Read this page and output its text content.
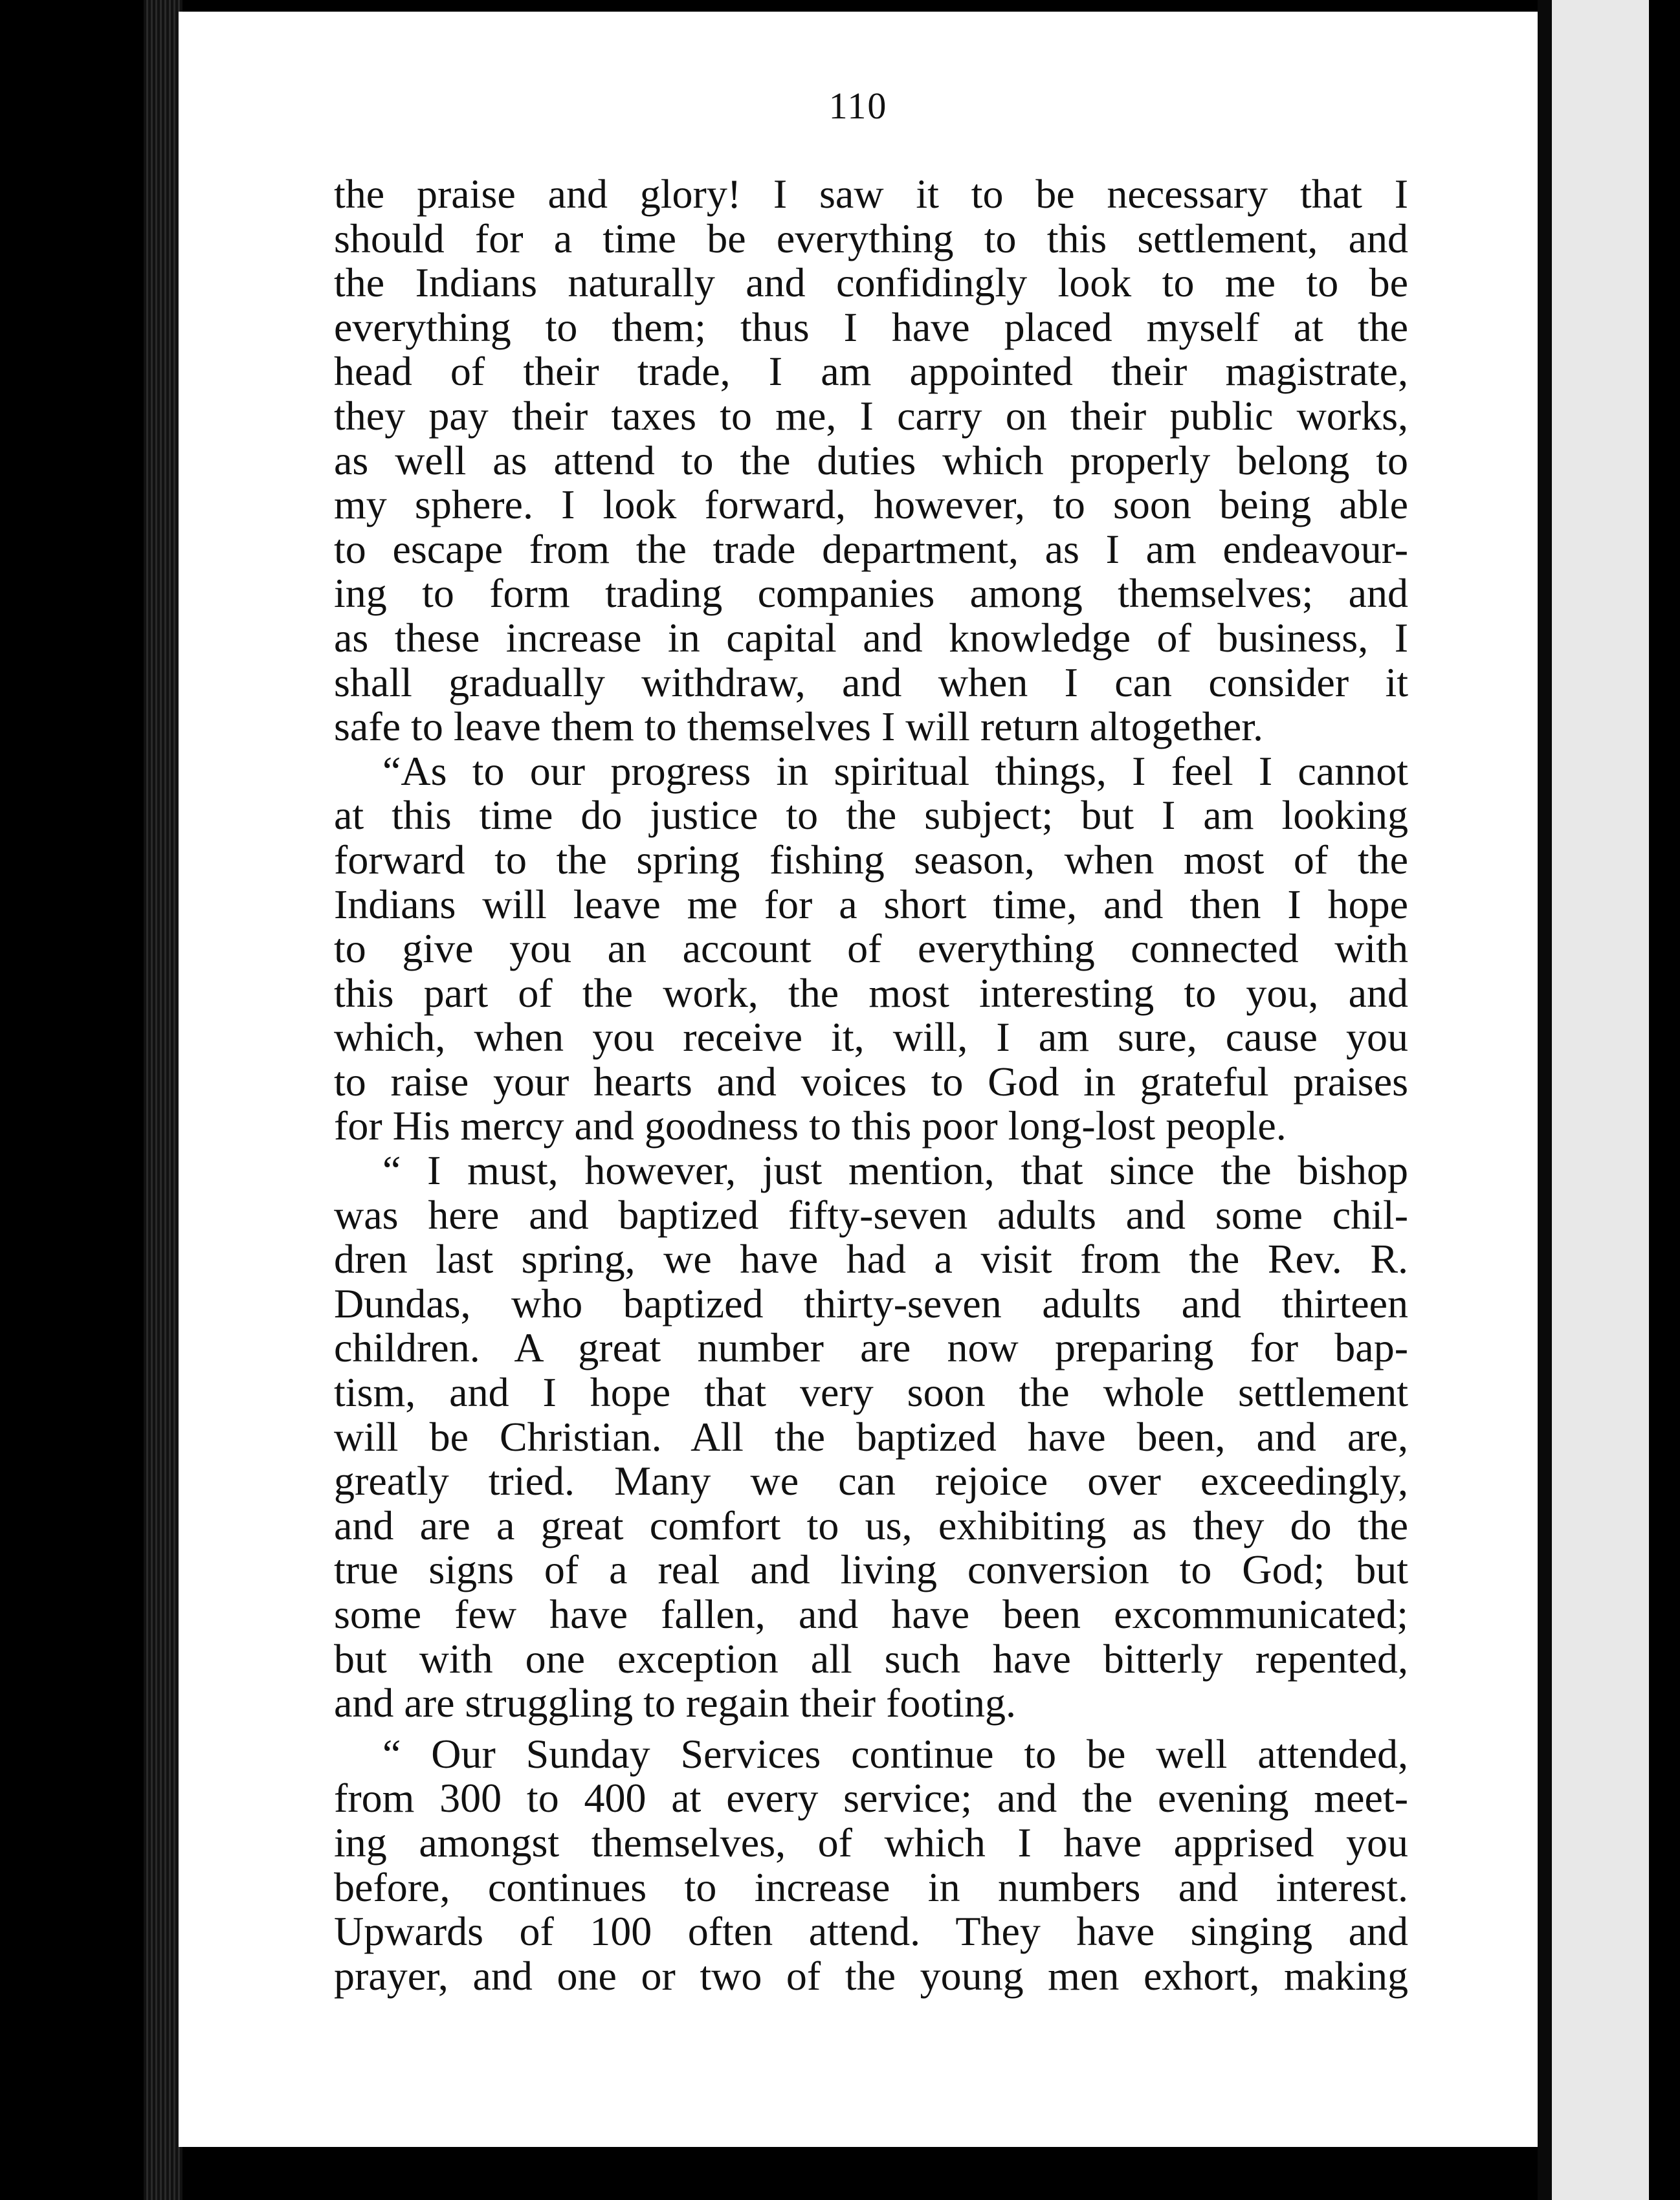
110
the praise and glory! I saw it to be necessary that I
should for a time be everything to this settlement, and
the Indians naturally and confidingly look to me to be
everything to them; thus I have placed myself at the
head of their trade, I am appointed their magistrate,
they pay their taxes to me, I carry on their public works,
as well as attend to the duties which properly belong to
my sphere. I look forward, however, to soon being able
to escape from the trade department, as I am endeavour-
ing to form trading companies among themselves; and
as these increase in capital and knowledge of business, I
shall gradually withdraw, and when I can consider it
safe to leave them to themselves I will return altogether.
“As to our progress in spiritual things, I feel I cannot
at this time do justice to the subject; but I am looking
forward to the spring fishing season, when most of the
Indians will leave me for a short time, and then I hope
to give you an account of everything connected with
this part of the work, the most interesting to you, and
which, when you receive it, will, I am sure, cause you
to raise your hearts and voices to God in grateful praises
for His mercy and goodness to this poor long-lost people.
“ I must, however, just mention, that since the bishop
was here and baptized fifty-seven adults and some chil-
dren last spring, we have had a visit from the Rev. R.
Dundas, who baptized thirty-seven adults and thirteen
children. A great number are now preparing for bap-
tism, and I hope that very soon the whole settlement
will be Christian. All the baptized have been, and are,
greatly tried. Many we can rejoice over exceedingly,
and are a great comfort to us, exhibiting as they do the
true signs of a real and living conversion to God; but
some few have fallen, and have been excommunicated;
but with one exception all such have bitterly repented,
and are struggling to regain their footing.
“ Our Sunday Services continue to be well attended,
from 300 to 400 at every service; and the evening meet-
ing amongst themselves, of which I have apprised you
before, continues to increase in numbers and interest.
Upwards of 100 often attend. They have singing and
prayer, and one or two of the young men exhort, making
